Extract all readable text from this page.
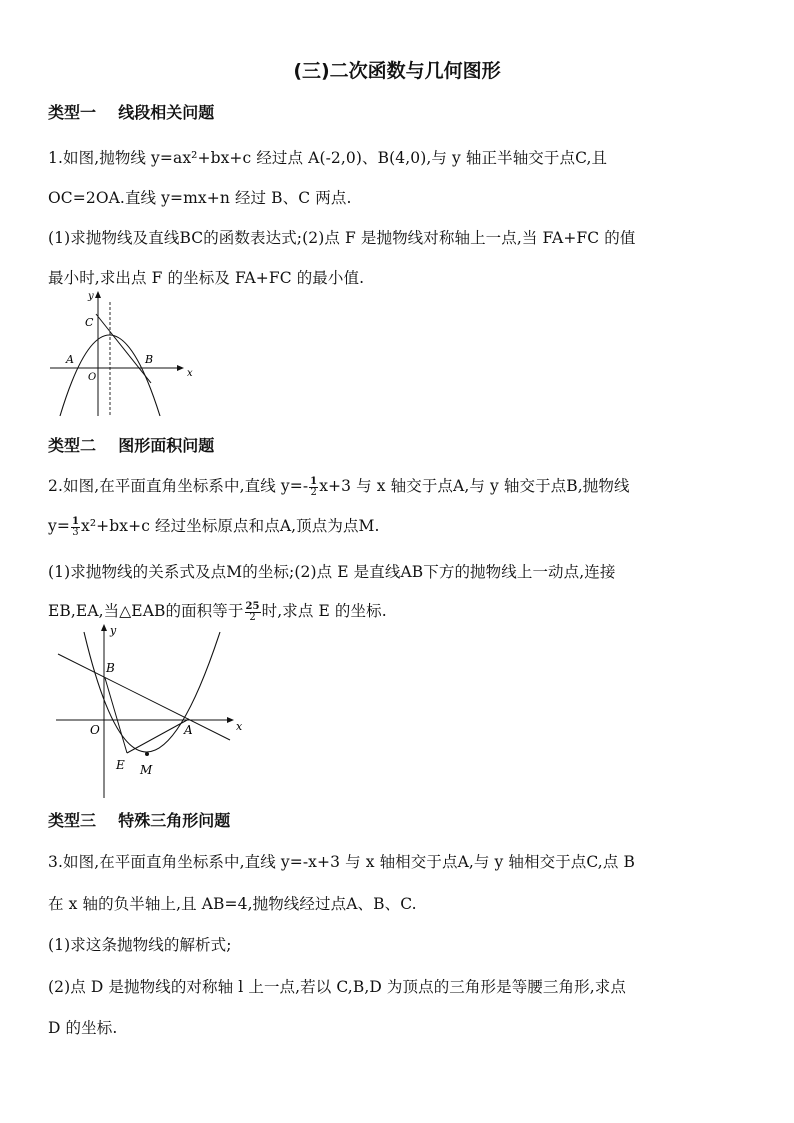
(三)二次函数与几何图形
类型一    线段相关问题
1.如图,抛物线 y=ax²+bx+c 经过点 A(-2,0)、B(4,0),与 y 轴正半轴交于点C,且
OC=2OA.直线 y=mx+n 经过 B、C 两点.
(1)求抛物线及直线BC的函数表达式;(2)点 F 是抛物线对称轴上一点,当 FA+FC 的值
最小时,求出点 F 的坐标及 FA+FC 的最小值.
x
y
O
A	B
C
类型二    图形面积问题
2.如图,在平面直角坐标系中,直线 $y=- \frac{1}{2} x+3$ 与 x 轴交于点A,与 y 轴交于点B,抛物线
$y= \frac{1}{3} x^2+bx+c$ 经过坐标原点和点A,顶点为点M.
(1)求抛物线的关系式及点M的坐标;(2)点 E 是直线AB下方的抛物线上一动点,连接
EB,EA,当△EAB的面积等于 $\frac{25}{2}$ 时,求点 E 的坐标.
x
y
O	A
B
E M
类型三    特殊三角形问题
3.如图,在平面直角坐标系中,直线 y=-x+3 与 x 轴相交于点A,与 y 轴相交于点C,点 B
在 x 轴的负半轴上,且 AB=4,抛物线经过点A、B、C.
(1)求这条抛物线的解析式;
(2)点 D 是抛物线的对称轴 l 上一点,若以 C,B,D 为顶点的三角形是等腰三角形,求点
D 的坐标.
